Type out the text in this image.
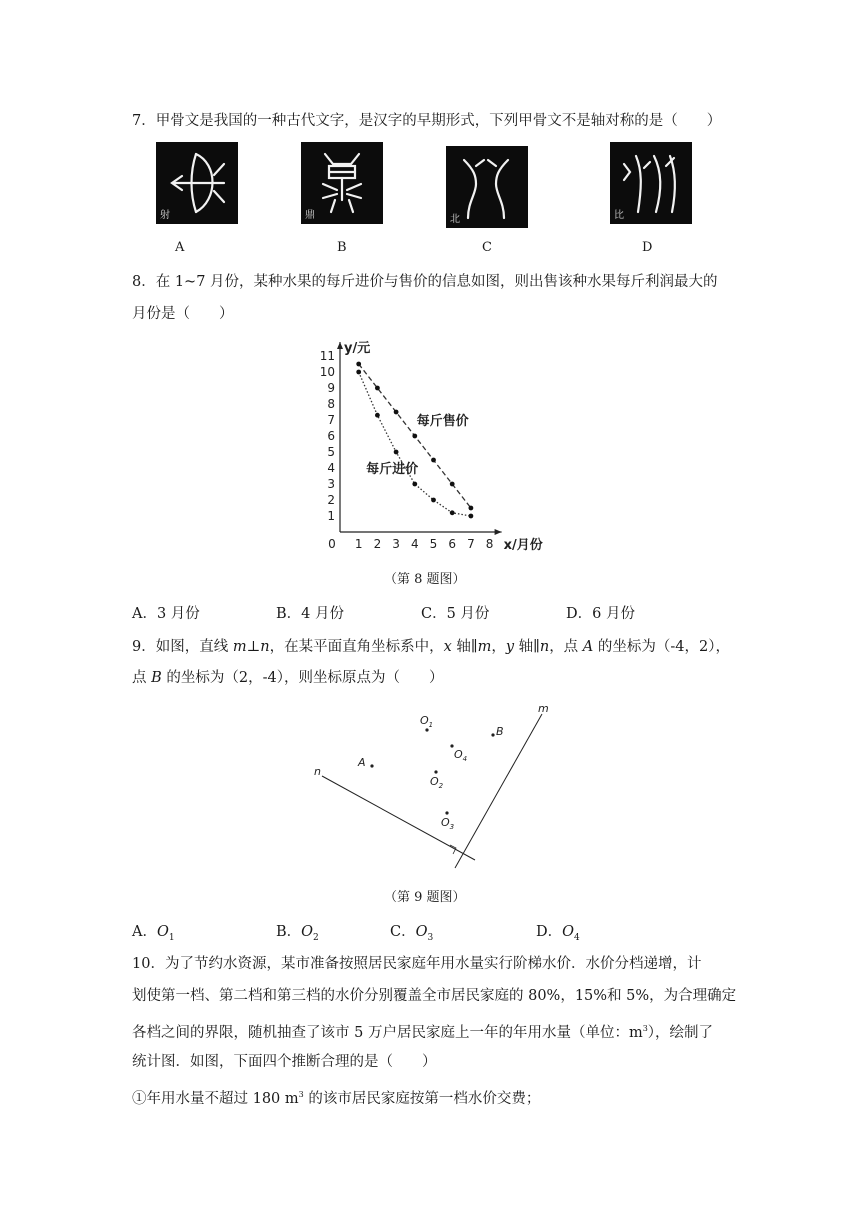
7．甲骨文是我国的一种古代文字，是汉字的早期形式，下列甲骨文不是轴对称的是（　　）
射	鼎	北	比
A	B	C	D
8．在 1~7 月份，某种水果的每斤进价与售价的信息如图，则出售该种水果每斤利润最大的
月份是（　　）
0 1 2 3 4 5 6 7 8
1
2
3
4
5
6
7
8
9
10
11 y/元
x/月份
每斤售价
每斤进价
（第 8 题图）
A．3 月份	B．4 月份	C．5 月份	D．6 月份
9．如图，直线 m⊥n，在某平面直角坐标系中，x 轴∥m，y 轴∥n，点 A 的坐标为（-4，2），
点 B 的坐标为（2，-4），则坐标原点为（　　）
n
m
A
B
$O_1$
$O_4$
$O_2$
$O_3$
（第 9 题图）
A．$O_1$	B．$O_2$	C．$O_3$	D．$O_4$
10．为了节约水资源，某市准备按照居民家庭年用水量实行阶梯水价．水价分档递增，计
划使第一档、第二档和第三档的水价分别覆盖全市居民家庭的 80%，15%和 5%，为合理确定
各档之间的界限，随机抽查了该市 5 万户居民家庭上一年的年用水量（单位：$m^3$），绘制了
统计图．如图，下面四个推断合理的是（　　）
①年用水量不超过 180 $m^3$ 的该市居民家庭按第一档水价交费；
